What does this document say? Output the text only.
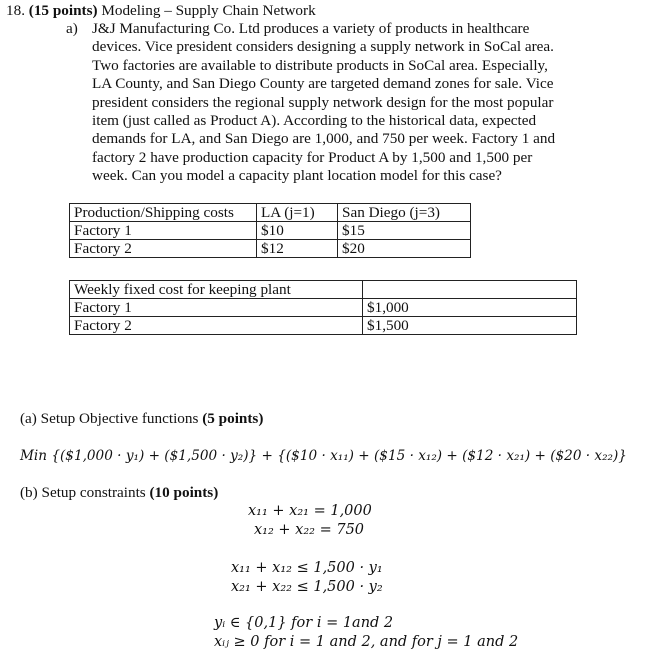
18. (15 points) Modeling – Supply Chain Network
a) J&J Manufacturing Co. Ltd produces a variety of products in healthcare
devices. Vice president considers designing a supply network in SoCal area.
Two factories are available to distribute products in SoCal area. Especially,
LA County, and San Diego County are targeted demand zones for sale. Vice
president considers the regional supply network design for the most popular
item (just called as Product A). According to the historical data, expected
demands for LA, and San Diego are 1,000, and 750 per week. Factory 1 and
factory 2 have production capacity for Product A by 1,500 and 1,500 per
week. Can you model a capacity plant location model for this case?
Production/Shipping costs	LA (j=1)	San Diego (j=3)
Factory 1	$10	$15
Factory 2	$12	$20
Weekly fixed cost for keeping plant	
Factory 1	$1,000
Factory 2	$1,500
(a) Setup Objective functions (5 points)
Min {($1,000 · y₁) + ($1,500 · y₂)} + {($10 · x₁₁) + ($15 · x₁₂) + ($12 · x₂₁) + ($20 · x₂₂)}
(b) Setup constraints (10 points)
x₁₁ + x₂₁ = 1,000
x₁₂ + x₂₂ = 750
x₁₁ + x₁₂ ≤ 1,500 · y₁
x₂₁ + x₂₂ ≤ 1,500 · y₂
yᵢ ∈ {0,1} for i = 1and 2
xᵢⱼ ≥ 0 for i = 1 and 2, and for j = 1 and 2
